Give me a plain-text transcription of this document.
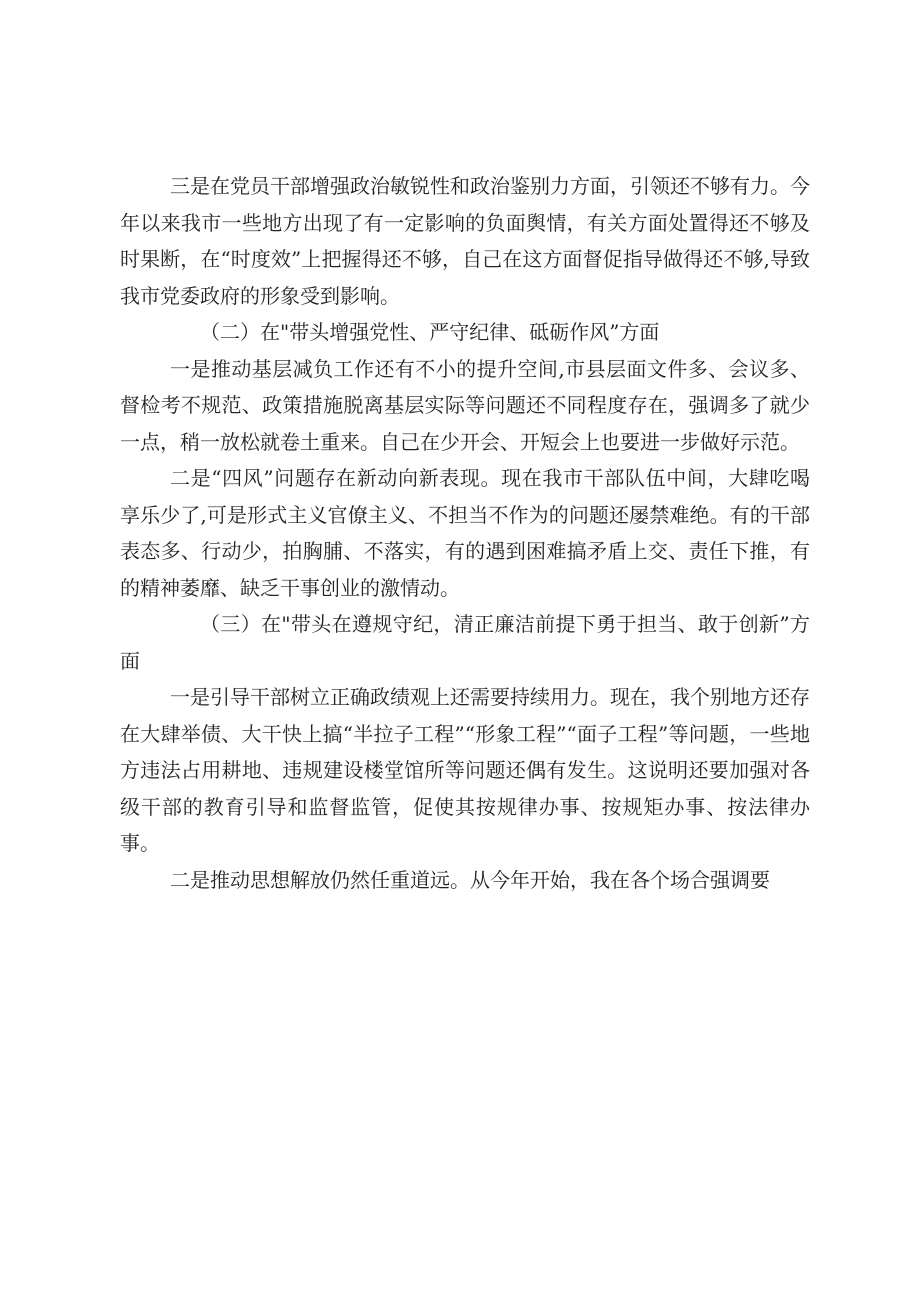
三是在党员干部增强政治敏锐性和政治鉴别力方面，引领还不够有力。今年以来我市一些地方出现了有一定影响的负面舆情，有关方面处置得还不够及时果断，在“时度效”上把握得还不够，自己在这方面督促指导做得还不够,导致我市党委政府的形象受到影响。

（二）在"带头增强党性、严守纪律、砥砺作风”方面

一是推动基层减负工作还有不小的提升空间,市县层面文件多、会议多、督检考不规范、政策措施脱离基层实际等问题还不同程度存在，强调多了就少一点，稍一放松就卷土重来。自己在少开会、开短会上也要进一步做好示范。

二是“四风”问题存在新动向新表现。现在我市干部队伍中间，大肆吃喝享乐少了,可是形式主义官僚主义、不担当不作为的问题还屡禁难绝。有的干部表态多、行动少，拍胸脯、不落实，有的遇到困难搞矛盾上交、责任下推，有的精神萎靡、缺乏干事创业的激情动。

（三）在"带头在遵规守纪，清正廉洁前提下勇于担当、敢于创新”方面

一是引导干部树立正确政绩观上还需要持续用力。现在，我个别地方还存在大肆举债、大干快上搞“半拉子工程”“形象工程”“面子工程”等问题，一些地方违法占用耕地、违规建设楼堂馆所等问题还偶有发生。这说明还要加强对各级干部的教育引导和监督监管，促使其按规律办事、按规矩办事、按法律办事。

二是推动思想解放仍然任重道远。从今年开始，我在各个场合强调要
